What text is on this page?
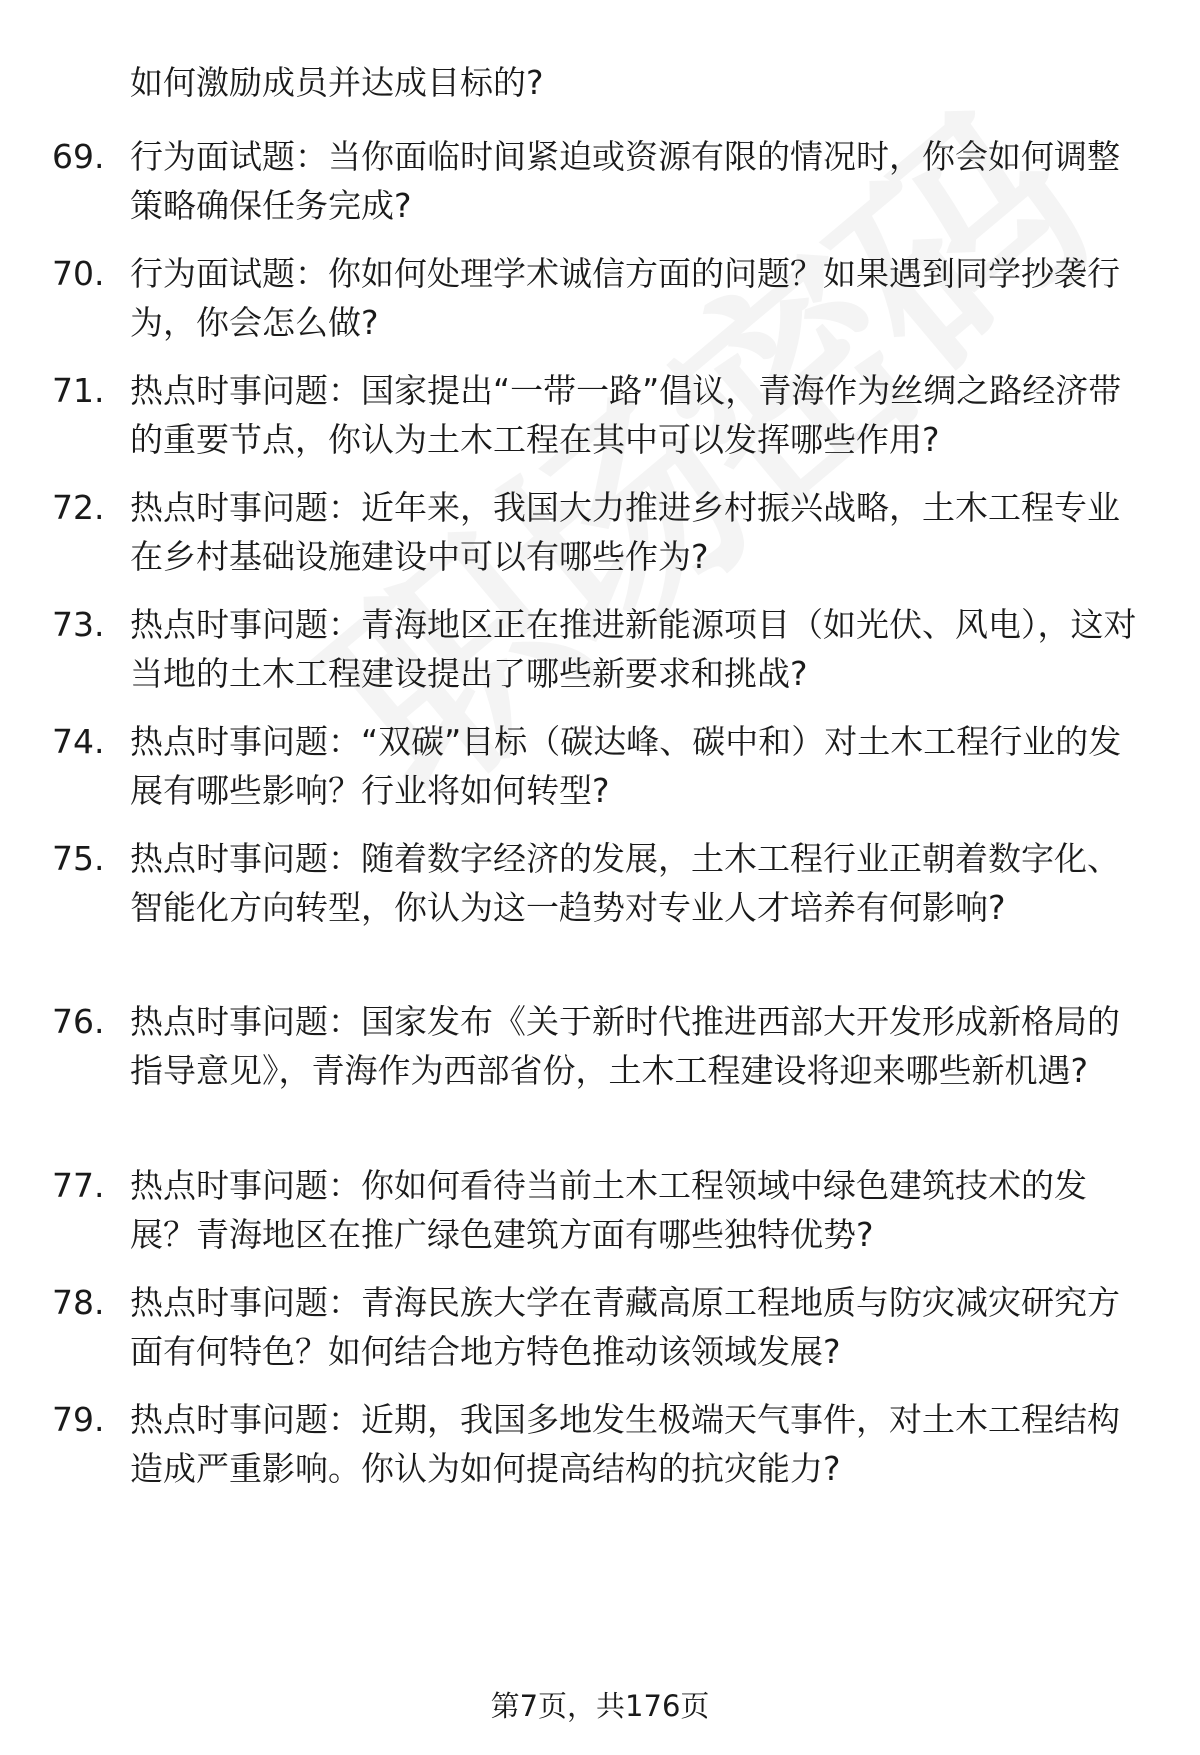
如何激励成员并达成目标的?
69. 行为面试题：当你面临时间紧迫或资源有限的情况时，你会如何调整策略确保任务完成?
70. 行为面试题：你如何处理学术诚信方面的问题？如果遇到同学抄袭行为，你会怎么做?
71. 热点时事问题：国家提出“一带一路”倡议，青海作为丝绸之路经济带的重要节点，你认为土木工程在其中可以发挥哪些作用?
72. 热点时事问题：近年来，我国大力推进乡村振兴战略，土木工程专业在乡村基础设施建设中可以有哪些作为?
73. 热点时事问题：青海地区正在推进新能源项目（如光伏、风电），这对当地的土木工程建设提出了哪些新要求和挑战?
74. 热点时事问题：“双碳”目标（碳达峰、碳中和）对土木工程行业的发展有哪些影响？行业将如何转型?
75. 热点时事问题：随着数字经济的发展，土木工程行业正朝着数字化、智能化方向转型，你认为这一趋势对专业人才培养有何影响?
76. 热点时事问题：国家发布《关于新时代推进西部大开发形成新格局的指导意见》，青海作为西部省份，土木工程建设将迎来哪些新机遇?
77. 热点时事问题：你如何看待当前土木工程领域中绿色建筑技术的发展？青海地区在推广绿色建筑方面有哪些独特优势?
78. 热点时事问题：青海民族大学在青藏高原工程地质与防灾减灾研究方面有何特色？如何结合地方特色推动该领域发展?
79. 热点时事问题：近期，我国多地发生极端天气事件，对土木工程结构造成严重影响。你认为如何提高结构的抗灾能力?
第7页，共176页
